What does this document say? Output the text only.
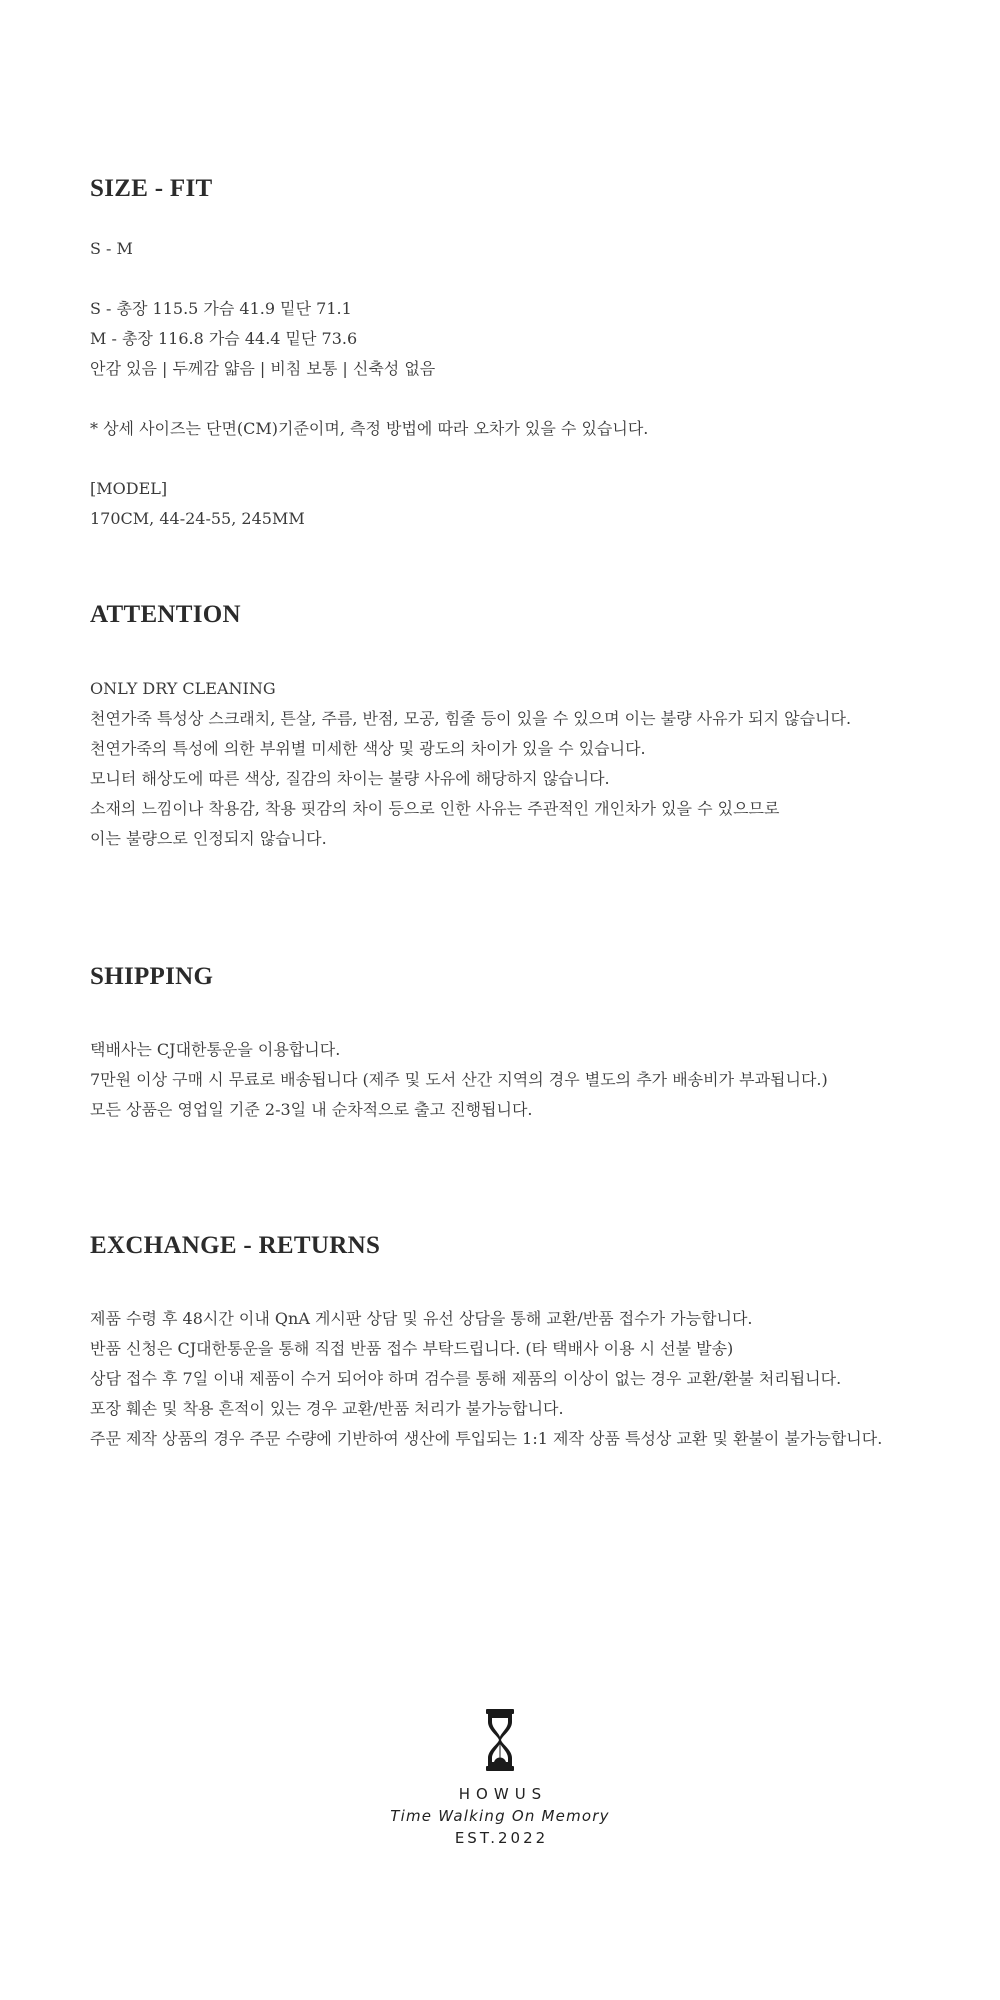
SIZE - FIT
S - M
S - 총장 115.5 가슴 41.9 밑단 71.1
M - 총장 116.8 가슴 44.4 밑단 73.6
안감 있음 | 두께감 얇음 | 비침 보통 | 신축성 없음
* 상세 사이즈는 단면(CM)기준이며, 측정 방법에 따라 오차가 있을 수 있습니다.
[MODEL]
170CM, 44-24-55, 245MM
ATTENTION
ONLY DRY CLEANING
천연가죽 특성상 스크래치, 튼살, 주름, 반점, 모공, 힘줄 등이 있을 수 있으며 이는 불량 사유가 되지 않습니다.
천연가죽의 특성에 의한 부위별 미세한 색상 및 광도의 차이가 있을 수 있습니다.
모니터 해상도에 따른 색상, 질감의 차이는 불량 사유에 해당하지 않습니다.
소재의 느낌이나 착용감, 착용 핏감의 차이 등으로 인한 사유는 주관적인 개인차가 있을 수 있으므로
이는 불량으로 인정되지 않습니다.
SHIPPING
택배사는 CJ대한통운을 이용합니다.
7만원 이상 구매 시 무료로 배송됩니다 (제주 및 도서 산간 지역의 경우 별도의 추가 배송비가 부과됩니다.)
모든 상품은 영업일 기준 2-3일 내 순차적으로 출고 진행됩니다.
EXCHANGE - RETURNS
제품 수령 후 48시간 이내 QnA 게시판 상담 및 유선 상담을 통해 교환/반품 접수가 가능합니다.
반품 신청은 CJ대한통운을 통해 직접 반품 접수 부탁드립니다. (타 택배사 이용 시 선불 발송)
상담 접수 후 7일 이내 제품이 수거 되어야 하며 검수를 통해 제품의 이상이 없는 경우 교환/환불 처리됩니다.
포장 훼손 및 착용 흔적이 있는 경우 교환/반품 처리가 불가능합니다.
주문 제작 상품의 경우 주문 수량에 기반하여 생산에 투입되는 1:1 제작 상품 특성상 교환 및 환불이 불가능합니다.
HOWUS
Time Walking On Memory
EST.2022
